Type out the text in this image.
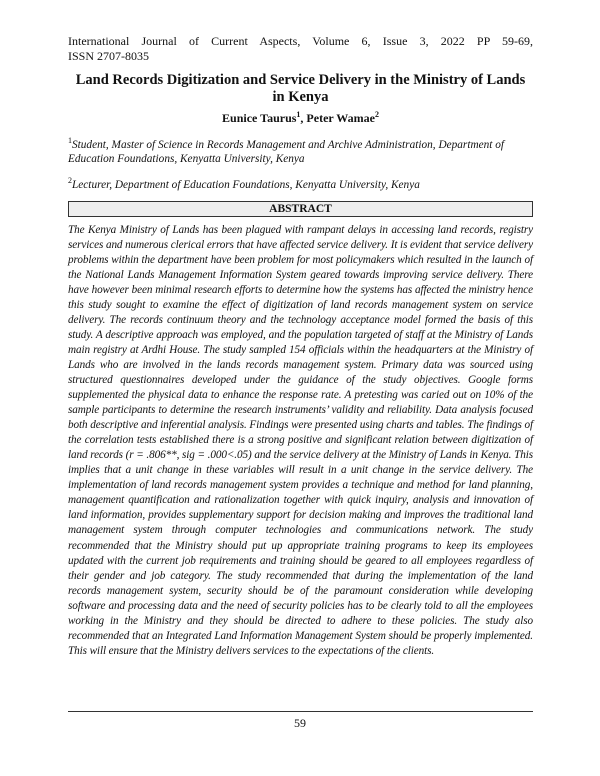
International Journal of Current Aspects, Volume 6, Issue 3, 2022 PP 59-69,
ISSN 2707-8035
Land Records Digitization and Service Delivery in the Ministry of Lands in Kenya
Eunice Taurus$^1$, Peter Wamae$^2$
$^1$Student, Master of Science in Records Management and Archive Administration, Department of Education Foundations, Kenyatta University, Kenya
$^2$Lecturer, Department of Education Foundations, Kenyatta University, Kenya
ABSTRACT
The Kenya Ministry of Lands has been plagued with rampant delays in accessing land records, registry services and numerous clerical errors that have affected service delivery. It is evident that service delivery problems within the department have been problem for most policymakers which resulted in the launch of the National Lands Management Information System geared towards improving service delivery. There have however been minimal research efforts to determine how the systems has affected the ministry hence this study sought to examine the effect of digitization of land records management system on service delivery. The records continuum theory and the technology acceptance model formed the basis of this study. A descriptive approach was employed, and the population targeted of staff at the Ministry of Lands main registry at Ardhi House. The study sampled 154 officials within the headquarters at the Ministry of Lands who are involved in the lands records management system. Primary data was sourced using structured questionnaires developed under the guidance of the study objectives. Google forms supplemented the physical data to enhance the response rate. A pretesting was caried out on 10% of the sample participants to determine the research instruments’ validity and reliability. Data analysis focused both descriptive and inferential analysis. Findings were presented using charts and tables. The findings of the correlation tests established there is a strong positive and significant relation between digitization of land records (r = .806**, sig = .000<.05) and the service delivery at the Ministry of Lands in Kenya. This implies that a unit change in these variables will result in a unit change in the service delivery. The implementation of land records management system provides a technique and method for land planning, management quantification and rationalization together with quick inquiry, analysis and innovation of land information, provides supplementary support for decision making and improves the traditional land management system through computer technologies and communications network. The study recommended that the Ministry should put up appropriate training programs to keep its employees updated with the current job requirements and training should be geared to all employees regardless of their gender and job category. The study recommended that during the implementation of the land records management system, security should be of the paramount consideration while developing software and processing data and the need of security policies has to be clearly told to all the employees working in the Ministry and they should be directed to adhere to these policies. The study also recommended that an Integrated Land Information Management System should be properly implemented. This will ensure that the Ministry delivers services to the expectations of the clients.
59
